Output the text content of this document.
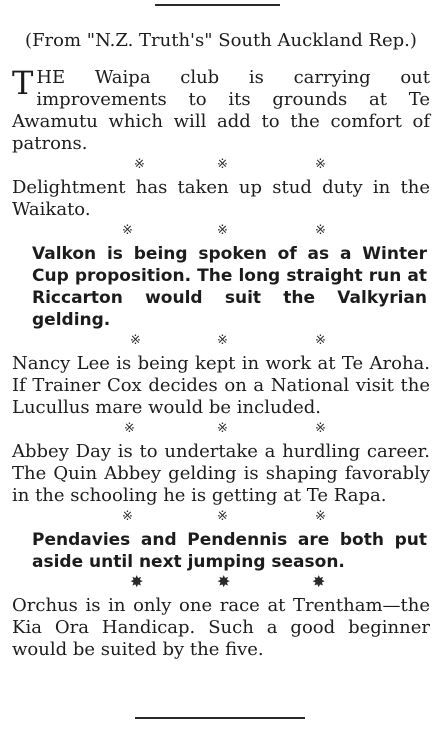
(From "N.Z. Truth's" South Auckland Rep.)

THE Waipa club is carrying out improvements to its grounds at Te Awamutu which will add to the comfort of patrons.

※	※	※

Delightment has taken up stud duty in the Waikato.

※	※	※

Valkon is being spoken of as a Winter Cup proposition. The long straight run at Riccarton would suit the Valkyrian gelding.

※	※	※

Nancy Lee is being kept in work at Te Aroha. If Trainer Cox decides on a National visit the Lucullus mare would be included.

※	※	※

Abbey Day is to undertake a hurdling career. The Quin Abbey gelding is shaping favorably in the schooling he is getting at Te Rapa.

※	※	※

Pendavies and Pendennis are both put aside until next jumping season.

✸	✸	✸

Orchus is in only one race at Trentham—the Kia Ora Handicap. Such a good beginner would be suited by the five.
